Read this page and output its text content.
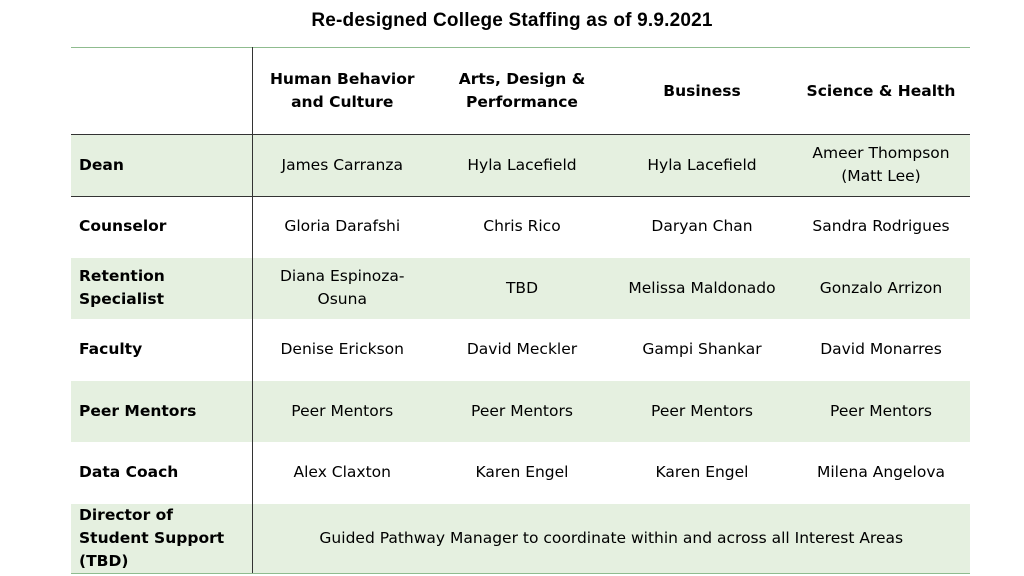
Re-designed College Staffing as of 9.9.2021
	Human Behavior and Culture	Arts, Design & Performance	Business	Science & Health
Dean	James Carranza	Hyla Lacefield	Hyla Lacefield	Ameer Thompson (Matt Lee)
Counselor	Gloria Darafshi	Chris Rico	Daryan Chan	Sandra Rodrigues
Retention Specialist	Diana Espinoza-Osuna	TBD	Melissa Maldonado	Gonzalo Arrizon
Faculty	Denise Erickson	David Meckler	Gampi Shankar	David Monarres
Peer Mentors	Peer Mentors	Peer Mentors	Peer Mentors	Peer Mentors
Data Coach	Alex Claxton	Karen Engel	Karen Engel	Milena Angelova
Director of Student Support (TBD)	Guided Pathway Manager to coordinate within and across all Interest Areas			
